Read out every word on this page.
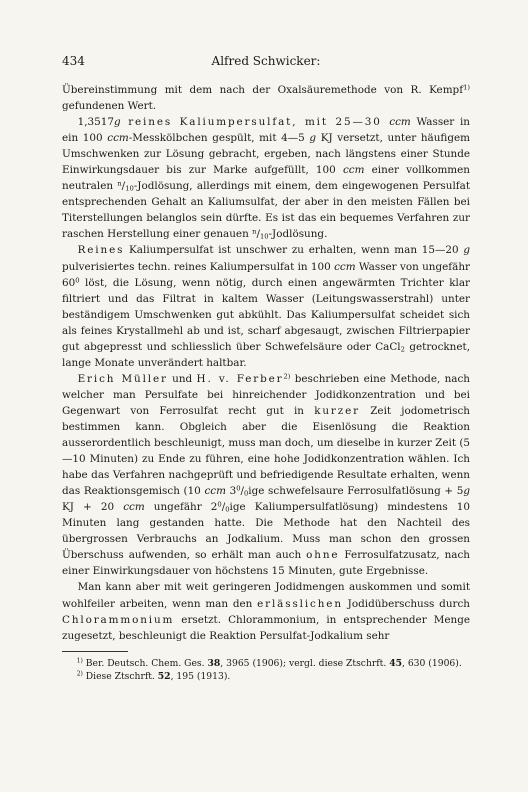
434	Alfred Schwicker:

Übereinstimmung mit dem nach der Oxalsäuremethode von R. Kempf$^{1)}$ gefundenen Wert.

1,3517g reines Kaliumpersulfat, mit 25—30 ccm Wasser in ein 100 ccm-Messkölbchen gespült, mit 4—5 g KJ versetzt, unter häufigem Umschwenken zur Lösung gebracht, ergeben, nach längstens einer Stunde Einwirkungsdauer bis zur Marke aufgefüllt, 100 ccm einer vollkommen neutralen $^n/_{10}$-Jodlösung, allerdings mit einem, dem eingewogenen Persulfat entsprechenden Gehalt an Kaliumsulfat, der aber in den meisten Fällen bei Titerstellungen belanglos sein dürfte. Es ist das ein bequemes Verfahren zur raschen Herstellung einer genauen $^n/_{10}$-Jodlösung.

Reines Kaliumpersulfat ist unschwer zu erhalten, wenn man 15—20 g pulverisiertes techn. reines Kaliumpersulfat in 100 ccm Wasser von ungefähr $60^0$ löst, die Lösung, wenn nötig, durch einen angewärmten Trichter klar filtriert und das Filtrat in kaltem Wasser (Leitungswasserstrahl) unter beständigem Umschwenken gut abkühlt. Das Kaliumpersulfat scheidet sich als feines Krystallmehl ab und ist, scharf abgesaugt, zwischen Filtrierpapier gut abgepresst und schliesslich über Schwefelsäure oder CaCl$_2$ getrocknet, lange Monate unverändert haltbar.

Erich Müller und H. v. Ferber$^{2)}$ beschrieben eine Methode, nach welcher man Persulfate bei hinreichender Jodidkonzentration und bei Gegenwart von Ferrosulfat recht gut in kurzer Zeit jodometrisch bestimmen kann. Obgleich aber die Eisenlösung die Reaktion ausserordentlich beschleunigt, muss man doch, um dieselbe in kurzer Zeit (5—10 Minuten) zu Ende zu führen, eine hohe Jodidkonzentration wählen. Ich habe das Verfahren nachgeprüft und befriedigende Resultate erhalten, wenn das Reaktionsgemisch (10 ccm $3^0/_0ige$ schwefelsaure Ferrosulfatlösung + 5g KJ + 20 ccm ungefähr $2^0/_0ige$ Kaliumpersulfatlösung) mindestens 10 Minuten lang gestanden hatte. Die Methode hat den Nachteil des übergrossen Verbrauchs an Jodkalium. Muss man schon den grossen Überschuss aufwenden, so erhält man auch ohne Ferrosulfatzusatz, nach einer Einwirkungsdauer von höchstens 15 Minuten, gute Ergebnisse.

Man kann aber mit weit geringeren Jodidmengen auskommen und somit wohlfeiler arbeiten, wenn man den erlässlichen Jodidüberschuss durch Chlorammonium ersetzt. Chlorammonium, in entsprechender Menge zugesetzt, beschleunigt die Reaktion Persulfat-Jodkalium sehr

$^{1)}$ Ber. Deutsch. Chem. Ges. 38, 3965 (1906); vergl. diese Ztschrft. 45, 630 (1906).

$^{2)}$ Diese Ztschrft. 52, 195 (1913).
